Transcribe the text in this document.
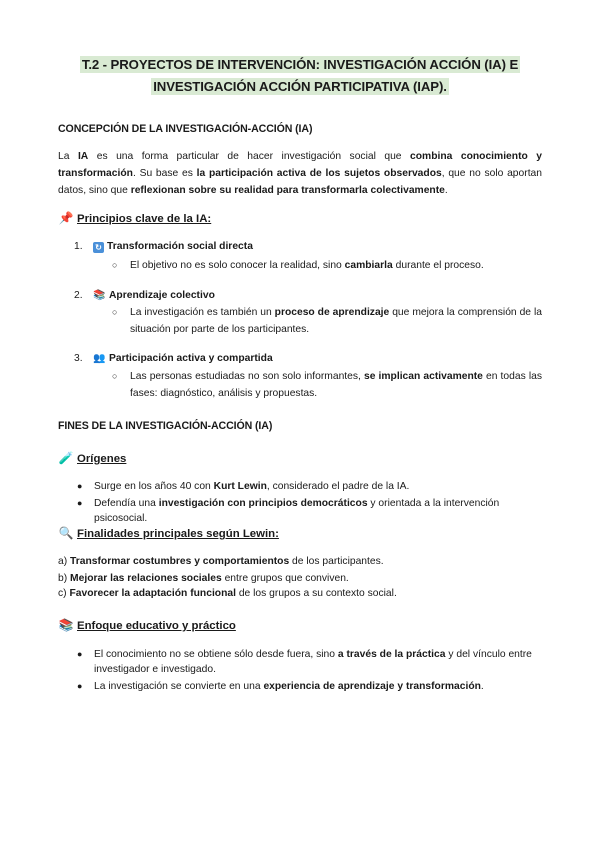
T.2 - PROYECTOS DE INTERVENCIÓN: INVESTIGACIÓN ACCIÓN (IA) E
INVESTIGACIÓN ACCIÓN PARTICIPATIVA (IAP).
CONCEPCIÓN DE LA INVESTIGACIÓN-ACCIÓN (IA)

La IA es una forma particular de hacer investigación social que combina conocimiento y transformación. Su base es la participación activa de los sujetos observados, que no solo aportan datos, sino que reflexionan sobre su realidad para transformarla colectivamente.

📌 Principios clave de la IA:
1. ↻ Transformación social directa
○ El objetivo no es solo conocer la realidad, sino cambiarla durante el proceso.
2. 📚 Aprendizaje colectivo
○ La investigación es también un proceso de aprendizaje que mejora la comprensión de la situación por parte de los participantes.
3. 👥 Participación activa y compartida
○ Las personas estudiadas no son solo informantes, se implican activamente en todas las fases: diagnóstico, análisis y propuestas.
FINES DE LA INVESTIGACIÓN-ACCIÓN (IA)
🧪 Orígenes
● Surge en los años 40 con Kurt Lewin, considerado el padre de la IA.
● Defendía una investigación con principios democráticos y orientada a la intervención psicosocial.
🔍 Finalidades principales según Lewin:
a) Transformar costumbres y comportamientos de los participantes.
b) Mejorar las relaciones sociales entre grupos que conviven.
c) Favorecer la adaptación funcional de los grupos a su contexto social.
📚 Enfoque educativo y práctico
● El conocimiento no se obtiene sólo desde fuera, sino a través de la práctica y del vínculo entre investigador e investigado.
● La investigación se convierte en una experiencia de aprendizaje y transformación.
